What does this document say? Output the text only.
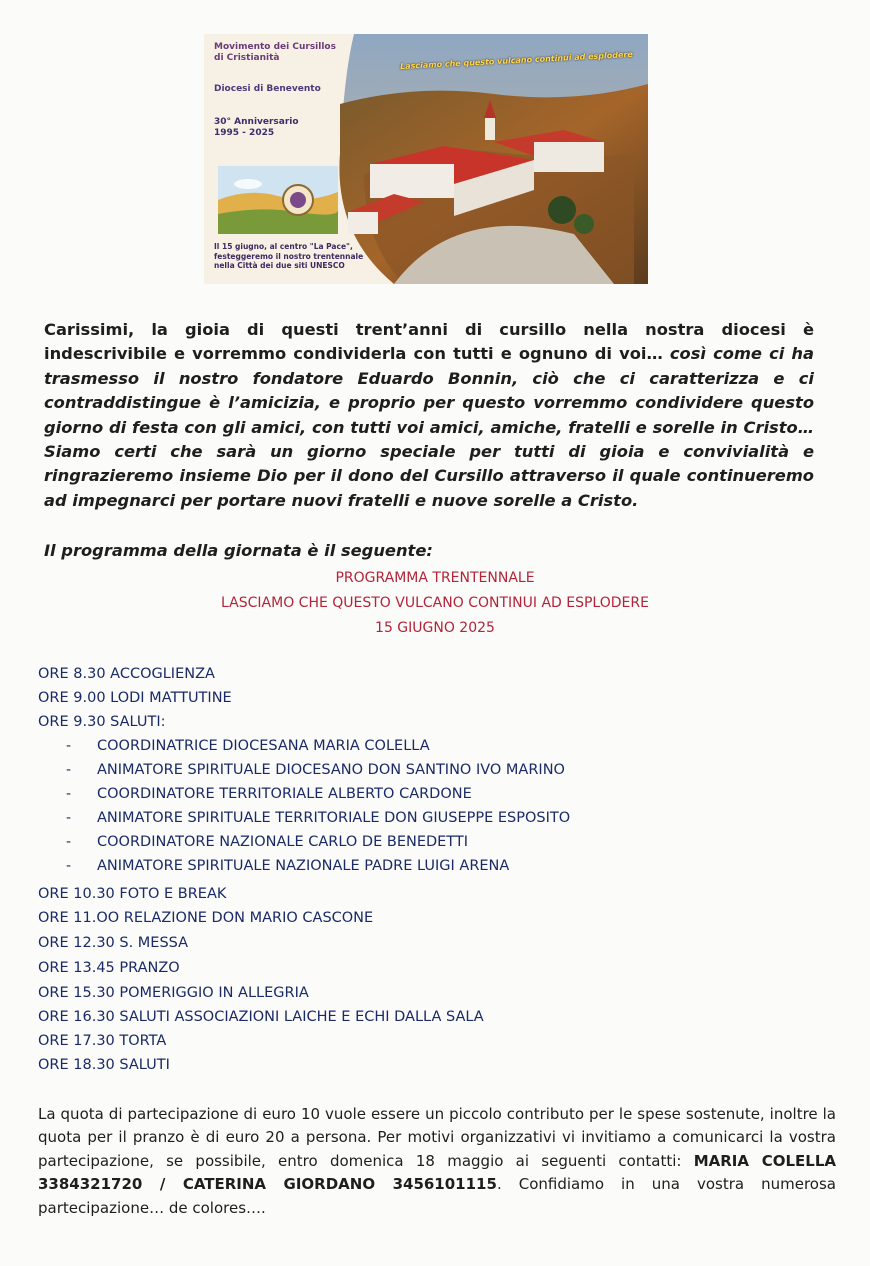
Movimento dei Cursillos
di Cristianità
Diocesi di Benevento
30° Anniversario
1995 - 2025
Lasciamo che questo vulcano continui ad esplodere
Il 15 giugno, al centro "La Pace",
festeggeremo il nostro trentennale
nella Città dei due siti UNESCO
Carissimi, la gioia di questi trent’anni di cursillo nella nostra diocesi è indescrivibile e vorremmo condividerla con tutti e ognuno di voi… così come ci ha trasmesso il nostro fondatore Eduardo Bonnin, ciò che ci caratterizza e ci contraddistingue è l’amicizia, e proprio per questo vorremmo condividere questo giorno di festa con gli amici, con tutti voi amici, amiche, fratelli e sorelle in Cristo… Siamo certi che sarà un giorno speciale per tutti di gioia e convivialità e ringrazieremo insieme Dio per il dono del Cursillo attraverso il quale continueremo ad impegnarci per portare nuovi fratelli e nuove sorelle a Cristo.
Il programma della giornata è il seguente:
PROGRAMMA TRENTENNALE
LASCIAMO CHE QUESTO VULCANO CONTINUI AD ESPLODERE
15 GIUGNO 2025
ORE 8.30 ACCOGLIENZA
ORE 9.00 LODI MATTUTINE
ORE 9.30 SALUTI:
- COORDINATRICE DIOCESANA MARIA COLELLA
- ANIMATORE SPIRITUALE DIOCESANO DON SANTINO IVO MARINO
- COORDINATORE TERRITORIALE ALBERTO CARDONE
- ANIMATORE SPIRITUALE TERRITORIALE DON GIUSEPPE ESPOSITO
- COORDINATORE NAZIONALE CARLO DE BENEDETTI
- ANIMATORE SPIRITUALE NAZIONALE PADRE LUIGI ARENA
ORE 10.30 FOTO E BREAK
ORE 11.OO RELAZIONE DON MARIO CASCONE
ORE 12.30 S. MESSA
ORE 13.45 PRANZO
ORE 15.30 POMERIGGIO IN ALLEGRIA
ORE 16.30 SALUTI ASSOCIAZIONI LAICHE E ECHI DALLA SALA
ORE 17.30 TORTA
ORE 18.30 SALUTI
La quota di partecipazione di euro 10 vuole essere un piccolo contributo per le spese sostenute, inoltre la quota per il pranzo è di euro 20 a persona. Per motivi organizzativi vi invitiamo a comunicarci la vostra partecipazione, se possibile, entro domenica 18 maggio ai seguenti contatti: MARIA COLELLA 3384321720 / CATERINA GIORDANO 3456101115. Confidiamo in una vostra numerosa partecipazione… de colores….
